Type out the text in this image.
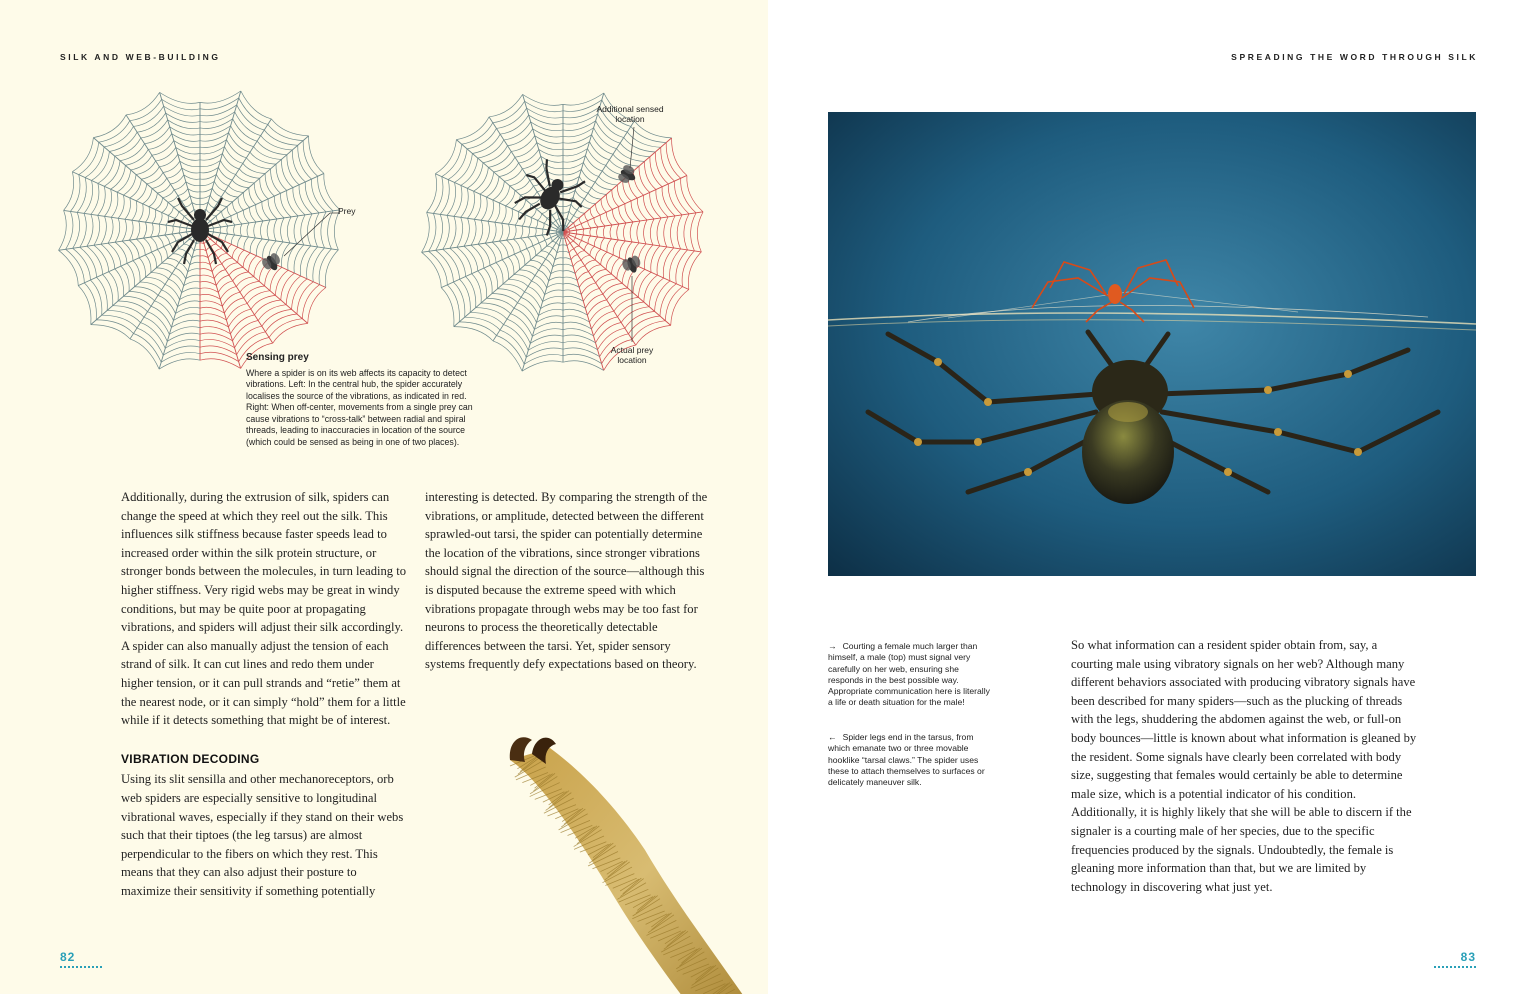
SILK AND WEB-BUILDING
Prey
Additional sensed location
Actual prey location
Sensing prey
Where a spider is on its web affects its capacity to detect vibrations. Left: In the central hub, the spider accurately localises the source of the vibrations, as indicated in red. Right: When off-center, movements from a single prey can cause vibrations to “cross-talk” between radial and spiral threads, leading to inaccuracies in location of the source (which could be sensed as being in one of two places).

Additionally, during the extrusion of silk, spiders can change the speed at which they reel out the silk. This influences silk stiffness because faster speeds lead to increased order within the silk protein structure, or stronger bonds between the molecules, in turn leading to higher stiffness. Very rigid webs may be great in windy conditions, but may be quite poor at propagating vibrations, and spiders will adjust their silk accordingly. A spider can also manually adjust the tension of each strand of silk. It can cut lines and redo them under higher tension, or it can pull strands and “retie” them at the nearest node, or it can simply “hold” them for a little while if it detects something that might be of interest.

VIBRATION DECODING

Using its slit sensilla and other mechanoreceptors, orb web spiders are especially sensitive to longitudinal vibrational waves, especially if they stand on their webs such that their tiptoes (the leg tarsus) are almost perpendicular to the fibers on which they rest. This means that they can also adjust their posture to maximize their sensitivity if something potentially

interesting is detected. By comparing the strength of the vibrations, or amplitude, detected between the different sprawled-out tarsi, the spider can potentially determine the location of the vibrations, since stronger vibrations should signal the direction of the source—although this is disputed because the extreme speed with which vibrations propagate through webs may be too fast for neurons to process the theoretically detectable differences between the tarsi. Yet, spider sensory systems frequently defy expectations based on theory.

82
SPREADING THE WORD THROUGH SILK
→ Courting a female much larger than himself, a male (top) must signal very carefully on her web, ensuring she responds in the best possible way. Appropriate communication here is literally a life or death situation for the male!
← Spider legs end in the tarsus, from which emanate two or three movable hooklike “tarsal claws.” The spider uses these to attach themselves to surfaces or delicately maneuver silk.

So what information can a resident spider obtain from, say, a courting male using vibratory signals on her web? Although many different behaviors associated with producing vibratory signals have been described for many spiders—such as the plucking of threads with the legs, shuddering the abdomen against the web, or full-on body bounces—little is known about what information is gleaned by the resident. Some signals have clearly been correlated with body size, suggesting that females would certainly be able to determine male size, which is a potential indicator of his condition. Additionally, it is highly likely that she will be able to discern if the signaler is a courting male of her species, due to the specific frequencies produced by the signals. Undoubtedly, the female is gleaning more information than that, but we are limited by technology in discovering what just yet.

83
